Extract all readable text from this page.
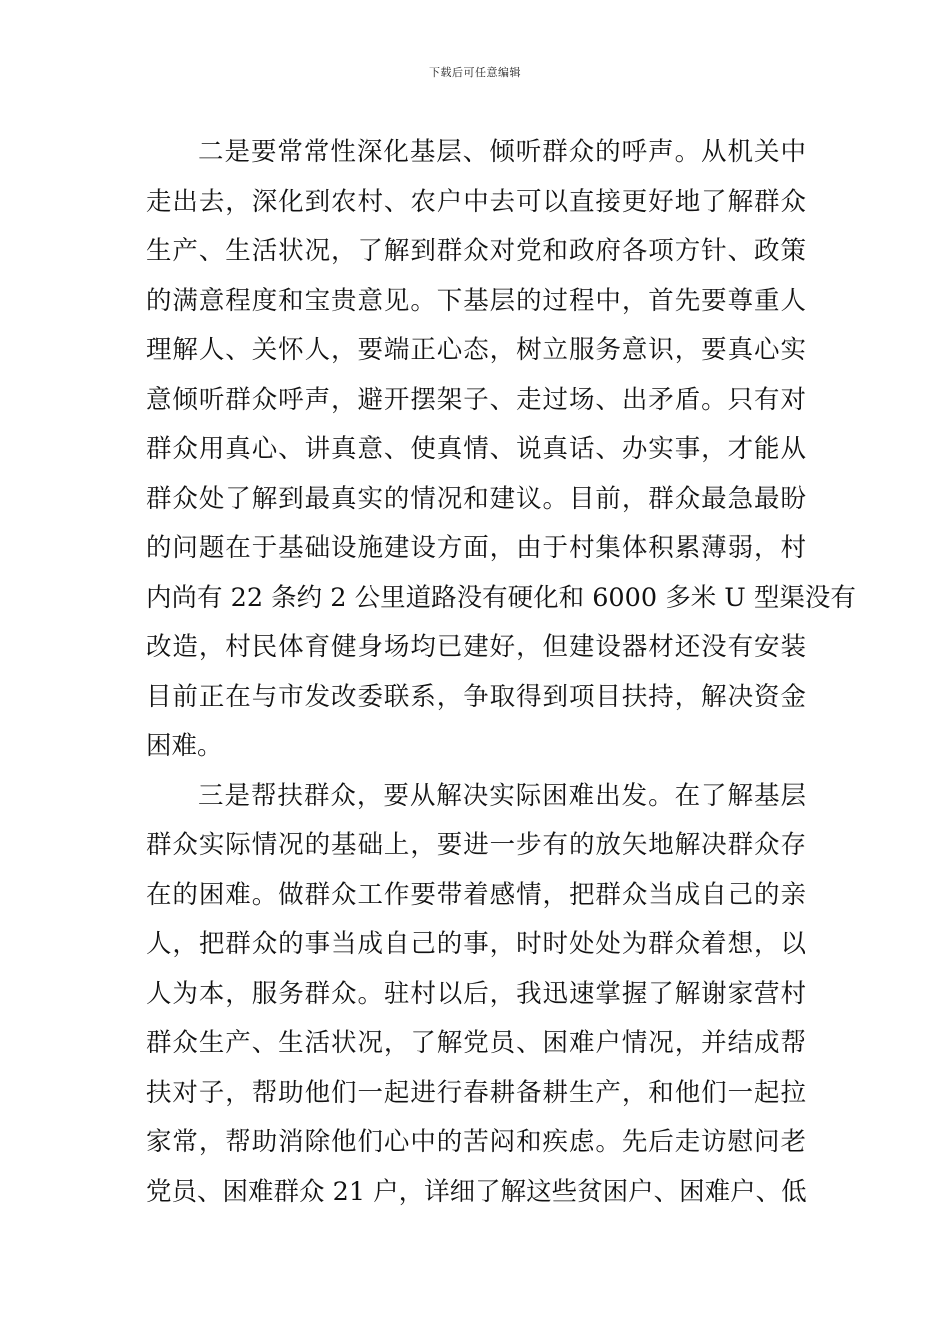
下载后可任意编辑
二是要常常性深化基层、倾听群众的呼声。从机关中
走出去，深化到农村、农户中去可以直接更好地了解群众
生产、生活状况，了解到群众对党和政府各项方针、政策
的满意程度和宝贵意见。下基层的过程中，首先要尊重人
理解人、关怀人，要端正心态，树立服务意识，要真心实
意倾听群众呼声，避开摆架子、走过场、出矛盾。只有对
群众用真心、讲真意、使真情、说真话、办实事，才能从
群众处了解到最真实的情况和建议。目前，群众最急最盼
的问题在于基础设施建设方面，由于村集体积累薄弱，村
内尚有 22 条约 2 公里道路没有硬化和 6000 多米 U 型渠没有
改造，村民体育健身场均已建好，但建设器材还没有安装
目前正在与市发改委联系，争取得到项目扶持，解决资金
困难。
三是帮扶群众，要从解决实际困难出发。在了解基层
群众实际情况的基础上，要进一步有的放矢地解决群众存
在的困难。做群众工作要带着感情，把群众当成自己的亲
人，把群众的事当成自己的事，时时处处为群众着想，以
人为本，服务群众。驻村以后，我迅速掌握了解谢家营村
群众生产、生活状况，了解党员、困难户情况，并结成帮
扶对子，帮助他们一起进行春耕备耕生产，和他们一起拉
家常，帮助消除他们心中的苦闷和疾虑。先后走访慰问老
党员、困难群众 21 户，详细了解这些贫困户、困难户、低
